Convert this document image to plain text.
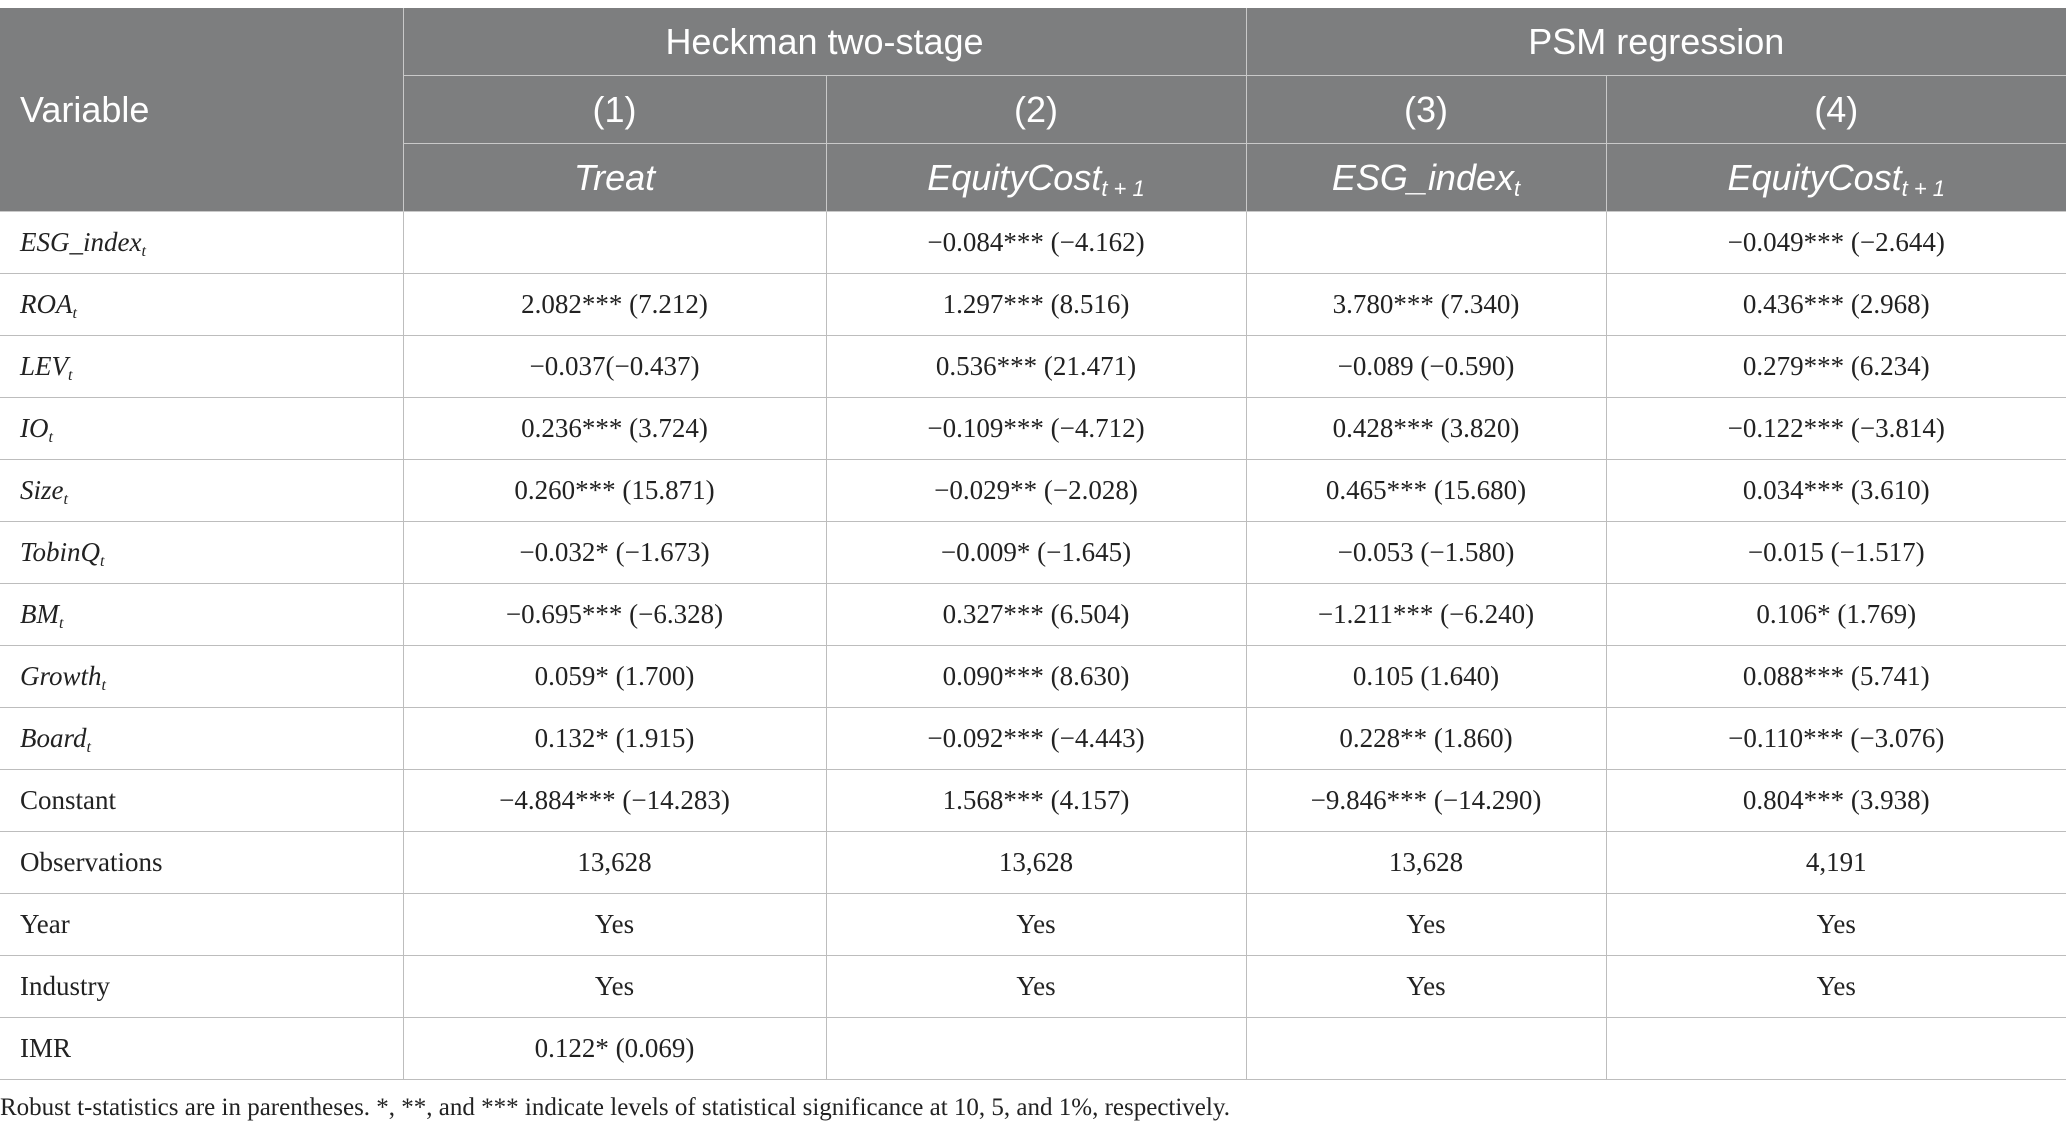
Variable	Heckman two-stage		PSM regression	
	(1)	(2)	(3)	(4)
	Treat	EquityCost$_{t + 1}$	ESG_index$_t$	EquityCost$_{t + 1}$
ESG_index$_t$		−0.084*** (−4.162)		−0.049*** (−2.644)
$ROA_t$	2.082*** (7.212)	1.297*** (8.516)	3.780*** (7.340)	0.436*** (2.968)
$LEV_t$	−0.037(−0.437)	0.536*** (21.471)	−0.089 (−0.590)	0.279*** (6.234)
$IO_t$	0.236*** (3.724)	−0.109*** (−4.712)	0.428*** (3.820)	−0.122*** (−3.814)
Size$_t$	0.260*** (15.871)	−0.029** (−2.028)	0.465*** (15.680)	0.034*** (3.610)
TobinQ$_t$	−0.032* (−1.673)	−0.009* (−1.645)	−0.053 (−1.580)	−0.015 (−1.517)
$BM_t$	−0.695*** (−6.328)	0.327*** (6.504)	−1.211*** (−6.240)	0.106* (1.769)
Growth$_t$	0.059* (1.700)	0.090*** (8.630)	0.105 (1.640)	0.088*** (5.741)
Board$_t$	0.132* (1.915)	−0.092*** (−4.443)	0.228** (1.860)	−0.110*** (−3.076)
Constant	−4.884*** (−14.283)	1.568*** (4.157)	−9.846*** (−14.290)	0.804*** (3.938)
Observations	13,628	13,628	13,628	4,191
Year	Yes	Yes	Yes	Yes
Industry	Yes	Yes	Yes	Yes
IMR	0.122* (0.069)			
Robust t-statistics are in parentheses. *, **, and *** indicate levels of statistical significance at 10, 5, and 1%, respectively.
